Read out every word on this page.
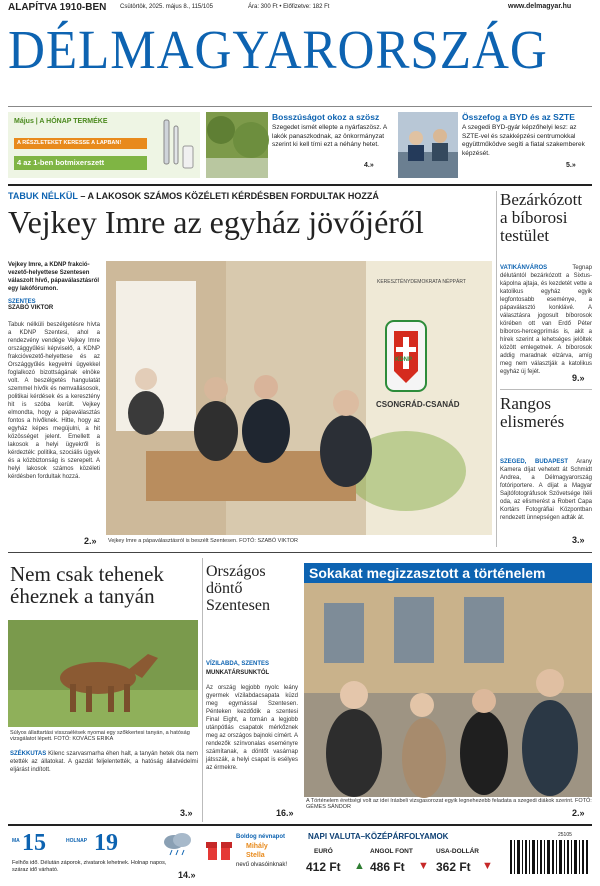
ALAPÍTVA 1910-BEN Csütörtök, 2025. május 8., 115/105	Ára: 300 Ft • Előfizetve: 182 Ft	www.delmagyar.hu
DÉLMAGYARORSZÁG
Május | A HÓNAP TERMÉKE
A RÉSZLETEKET KERESSE A LAPBAN!
4 az 1-ben botmixerszett
Bosszúságot okoz a szösz
Szegedet ismét ellepte a nyárfaszösz. A lakók panaszkodnak, az önkormányzat szerint ki kell tírni ezt a néhány hetet.
4.»
Összefog a BYD és az SZTE
A szegedi BYD-gyár képzőhelyi lesz: az SZTE-vel és szakképzési centrumokkal együttműködve segíti a fiatal szakemberek képzését.
5.»
TABUK NÉLKÜL – A LAKOSOK SZÁMOS KÖZÉLETI KÉRDÉSBEN FORDULTAK HOZZÁ
Vejkey Imre az egyház jövőjéről
Vejkey Imre, a KDNP frakcióvezető-helyettese Szentesen válaszolt hívő, pápaválasztásról egy lakófórumon.
SZENTES
SZABÓ VIKTOR
Tabuk nélküli beszélgetésre hívta a KDNP Szentesi, ahol a rendezvény vendége Vejkey Imre országgyűlési képviselő, a KDNP frakcióvezető-helyettese és az Országgyűlés kegyelmi ügyekkel foglalkozó bizottságának elnöke volt. A beszélgetés hangulatát szemmel hívők és nemvallásosok, politikai kérdések és a keresztény hit is szóba került. Vejkey elmondta, hogy a pápaválasztás fontos a hívőknek. Hitte, hogy az egyház képes megújulni, a hit közösséget jelent. Emellett a lakosok a helyi ügyekről is kérdezték: politika, szociális ügyek és a közbiztonság is szerepelt. A helyi lakosok számos közéleti kérdésben fordultak hozzá.
2.»
KERESZTÉNYDEMOKRATA NÉPPÁRT
KDNP
CSONGRÁD-CSANÁD
Vejkey Imre a pápaválasztásról is beszélt Szentesen. FOTÓ: SZABÓ VIKTOR
Bezárkózott a bíborosi testület
VATIKÁNVÁROS	Tegnap délutántól bezárkózott a Sixtus-kápolna ajtaja, és kezdetét vette a katolikus egyház egyik legfontosabb eseménye, a pápaválasztó konklávé. A választásra jogosult bíborosok körében ott van Erdő Péter bíboros-hercegprímás is, akit a hírek szerint a lehetséges jelöltek között emlegetnek. A bíborosok addig maradnak elzárva, amíg meg nem választják a katolikus egyház új fejét.
9.»
Rangos elismerés
SZEGED, BUDAPEST Arany Kamera díjat vehetett át Schmidt Andrea, a Délmagyarország fotóriportere. A díjat a Magyar Sajtófotográfusok Szövetsége ítéli oda, az elismerést a Robert Capa Kortárs Fotográfiai Központban rendezett ünnepségen adták át.
3.»
Nem csak tehenek éheznek a tanyán
Súlyos állattartási visszaélések nyomai egy szőkkertesi tanyán, a hatóság vizsgálatot lépett. FOTÓ: KOVÁCS ERIKA
SZÉKKUTAS Kilenc szarvasmarha éhen halt, a tanyán hetek óta nem etették az állatokat. A gazdát feljelentették, a hatóság állatvédelmi eljárást indított.
3.»
Országos döntő Szentesen
VÍZILABDA, SZENTES
MUNKATÁRSUNKTÓL
Az ország legjobb nyolc leány gyermek vízilabdacsapata küzd meg egymással Szentesen. Pénteken kezdődik a szentesi Final Eight, a tornán a legjobb utánpótlás csapatok mérkőznek meg az országos bajnoki címért. A rendezők színvonalas eseményre számítanak, a döntőt vasárnap játsszák, a helyi csapat is esélyes az érmekre.
16.»
Sokakat megizzasztott a történelem
A Történelem érettségi volt az idei írásbeli vizsgasorozat egyik legnehezebb feladata a szegedi diákok szerint. FOTÓ: GÉMES SÁNDOR
2.»
MA 15	HOLNAP 19
Felhős idő. Délután záporok, zivatarok lehetnek. Holnap napos, száraz idő várható.	14.»
Boldog névnapot
Mihály
Stella
nevű olvasóinknak!
NAPI VALUTA–KÖZÉPÁRFOLYAMOK
EURÓ
412 Ft ▲
ANGOL FONT
486 Ft ▼
USA-DOLLÁR
362 Ft ▼
25105
